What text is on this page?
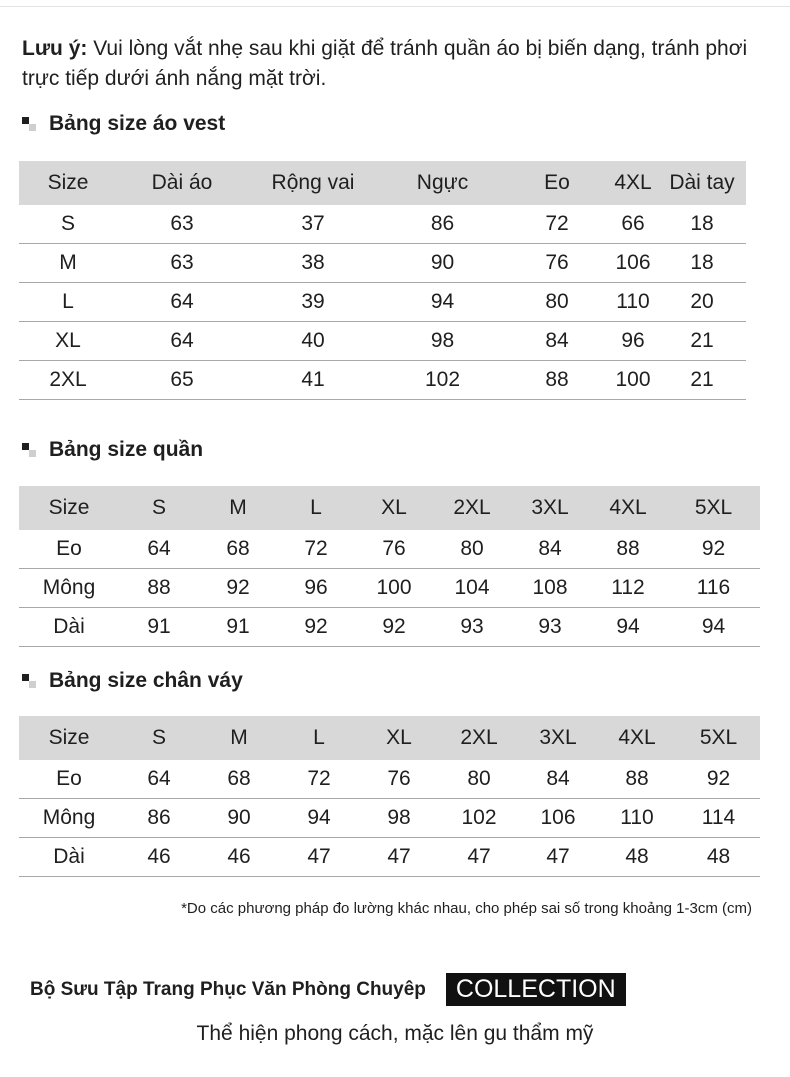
Lưu ý: Vui lòng vắt nhẹ sau khi giặt để tránh quần áo bị biến dạng, tránh phơi trực tiếp dưới ánh nắng mặt trời.
Bảng size áo vest
Size	Dài áo	Rộng vai	Ngực	Eo	4XL	Dài tay
S	63	37	86	72	66	18
M	63	38	90	76	106	18
L	64	39	94	80	110	20
XL	64	40	98	84	96	21
2XL	65	41	102	88	100	21
Bảng size quần
Size	S	M	L	XL	2XL	3XL	4XL	5XL
Eo	64	68	72	76	80	84	88	92
Mông	88	92	96	100	104	108	112	116
Dài	91	91	92	92	93	93	94	94
Bảng size chân váy
Size	S	M	L	XL	2XL	3XL	4XL	5XL
Eo	64	68	72	76	80	84	88	92
Mông	86	90	94	98	102	106	110	114
Dài	46	46	47	47	47	47	48	48
*Do các phương pháp đo lường khác nhau, cho phép sai số trong khoảng 1-3cm (cm)
Bộ Sưu Tập Trang Phục Văn Phòng Chuyêp	COLLECTION
Thể hiện phong cách, mặc lên gu thẩm mỹ
